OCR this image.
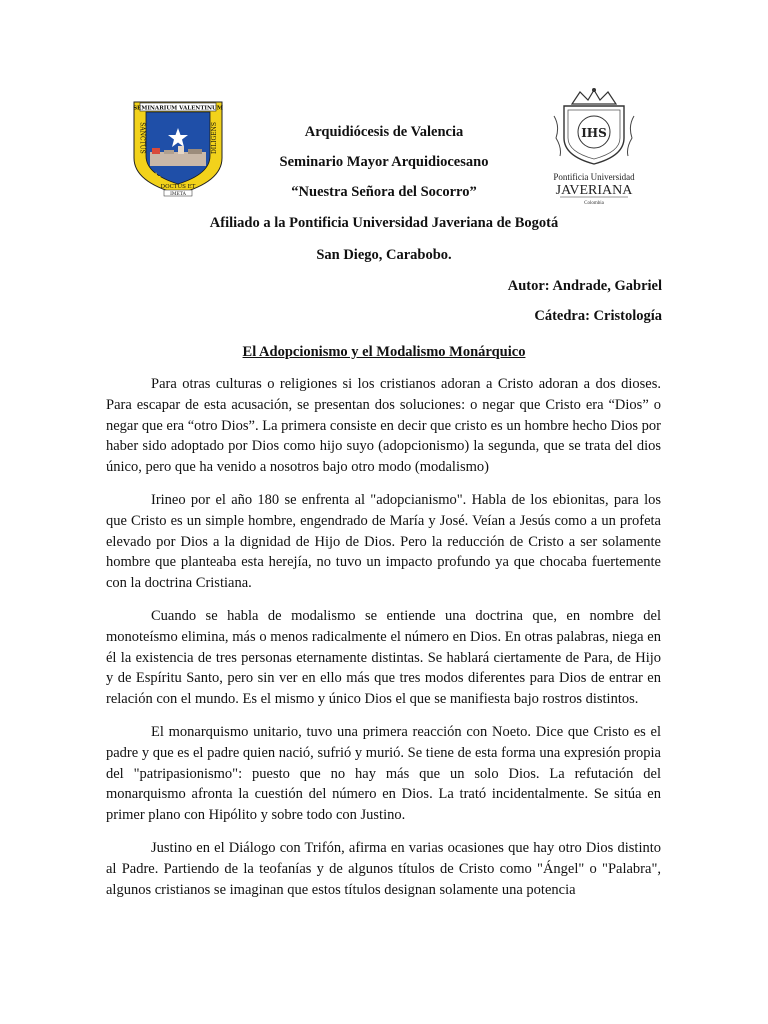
SEMINARIUM VALENTINUM
SANCTUS	DILIGENS
DOCTUS ET
IMETA
IHS
Pontificia Universidad
JAVERIANA
Colombia
Arquidiócesis de Valencia
Seminario Mayor Arquidiocesano
“Nuestra Señora del Socorro”
Afiliado a la Pontificia Universidad Javeriana de Bogotá
San Diego, Carabobo.
Autor: Andrade, Gabriel
Cátedra: Cristología
El Adopcionismo y el Modalismo Monárquico

Para otras culturas o religiones si los cristianos adoran a Cristo adoran a dos dioses. Para escapar de esta acusación, se presentan dos soluciones: o negar que Cristo era “Dios” o negar que era “otro Dios”. La primera consiste en decir que cristo es un hombre hecho Dios por haber sido adoptado por Dios como hijo suyo (adopcionismo) la segunda, que se trata del dios único, pero que ha venido a nosotros bajo otro modo (modalismo)

Irineo por el año 180 se enfrenta al "adopcianismo". Habla de los ebionitas, para los que Cristo es un simple hombre, engendrado de María y José. Veían a Jesús como a un profeta elevado por Dios a la dignidad de Hijo de Dios. Pero la reducción de Cristo a ser solamente hombre que planteaba esta herejía, no tuvo un impacto profundo ya que chocaba fuertemente con la doctrina Cristiana.

Cuando se habla de modalismo se entiende una doctrina que, en nombre del monoteísmo elimina, más o menos radicalmente el número en Dios. En otras palabras, niega en él la existencia de tres personas eternamente distintas. Se hablará ciertamente de Para, de Hijo y de Espíritu Santo, pero sin ver en ello más que tres modos diferentes para Dios de entrar en relación con el mundo. Es el mismo y único Dios el que se manifiesta bajo rostros distintos.

El monarquismo unitario, tuvo una primera reacción con Noeto. Dice que Cristo es el padre y que es el padre quien nació, sufrió y murió. Se tiene de esta forma una expresión propia del "patripasionismo": puesto que no hay más que un solo Dios. La refutación del monarquismo afronta la cuestión del número en Dios. La trató incidentalmente. Se sitúa en primer plano con Hipólito y sobre todo con Justino.

Justino en el Diálogo con Trifón, afirma en varias ocasiones que hay otro Dios distinto al Padre. Partiendo de la teofanías y de algunos títulos de Cristo como "Ángel" o "Palabra", algunos cristianos se imaginan que estos títulos designan solamente una potencia
